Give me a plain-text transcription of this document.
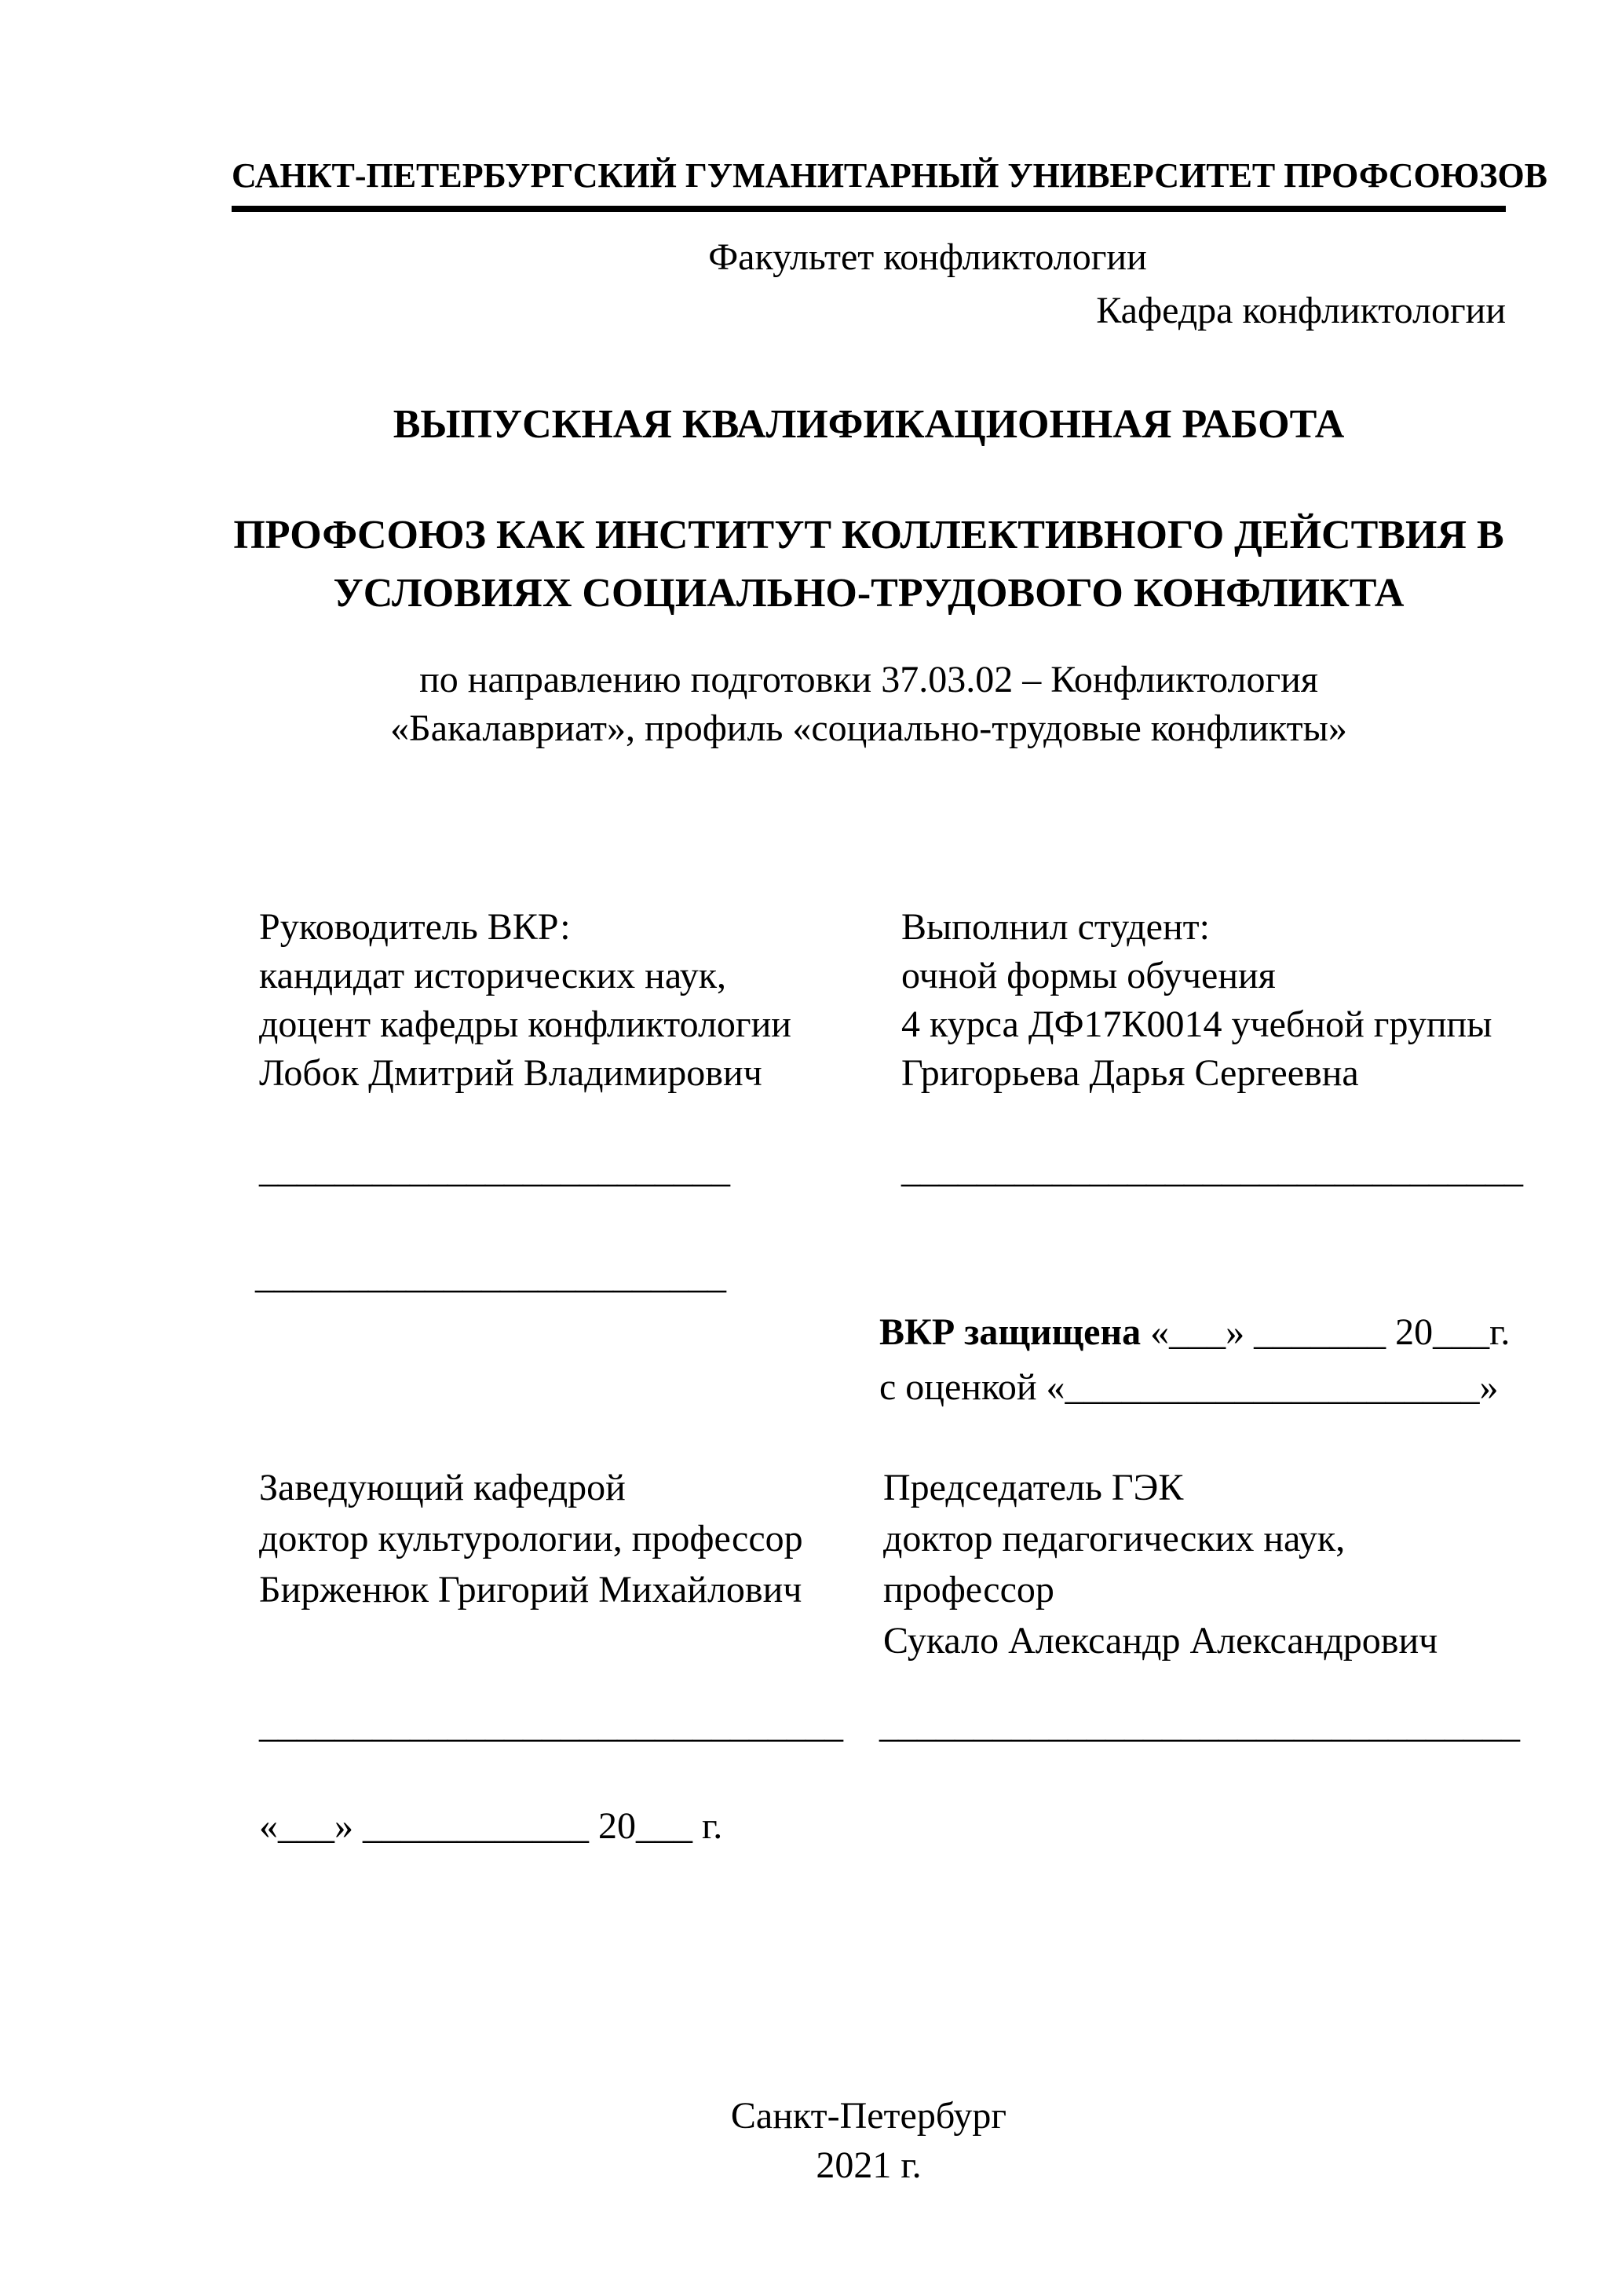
САНКТ-ПЕТЕРБУРГСКИЙ ГУМАНИТАРНЫЙ УНИВЕРСИТЕТ ПРОФСОЮЗОВ
Факультет конфликтологии
Кафедра конфликтологии
ВЫПУСКНАЯ КВАЛИФИКАЦИОННАЯ РАБОТА
ПРОФСОЮЗ КАК ИНСТИТУТ КОЛЛЕКТИВНОГО ДЕЙСТВИЯ В
УСЛОВИЯХ СОЦИАЛЬНО-ТРУДОВОГО КОНФЛИКТА
по направлению подготовки 37.03.02 – Конфликтология
«Бакалавриат», профиль «социально-трудовые конфликты»
Руководитель ВКР:
кандидат исторических наук,
доцент кафедры конфликтологии
Лобок Дмитрий Владимирович
Выполнил студент:
очной формы обучения
4 курса ДФ17К0014 учебной группы
Григорьева Дарья Сергеевна
_________________________	_________________________________
_________________________
ВКР защищена «___» _______ 20___г.
с оценкой «______________________»
Заведующий кафедрой
доктор культурологии, профессор
Бирженюк Григорий Михайлович
Председатель ГЭК
доктор педагогических наук,
профессор
Сукало Александр Александрович
_______________________________ __________________________________
«___» ____________ 20___ г.
Санкт-Петербург
2021 г.
